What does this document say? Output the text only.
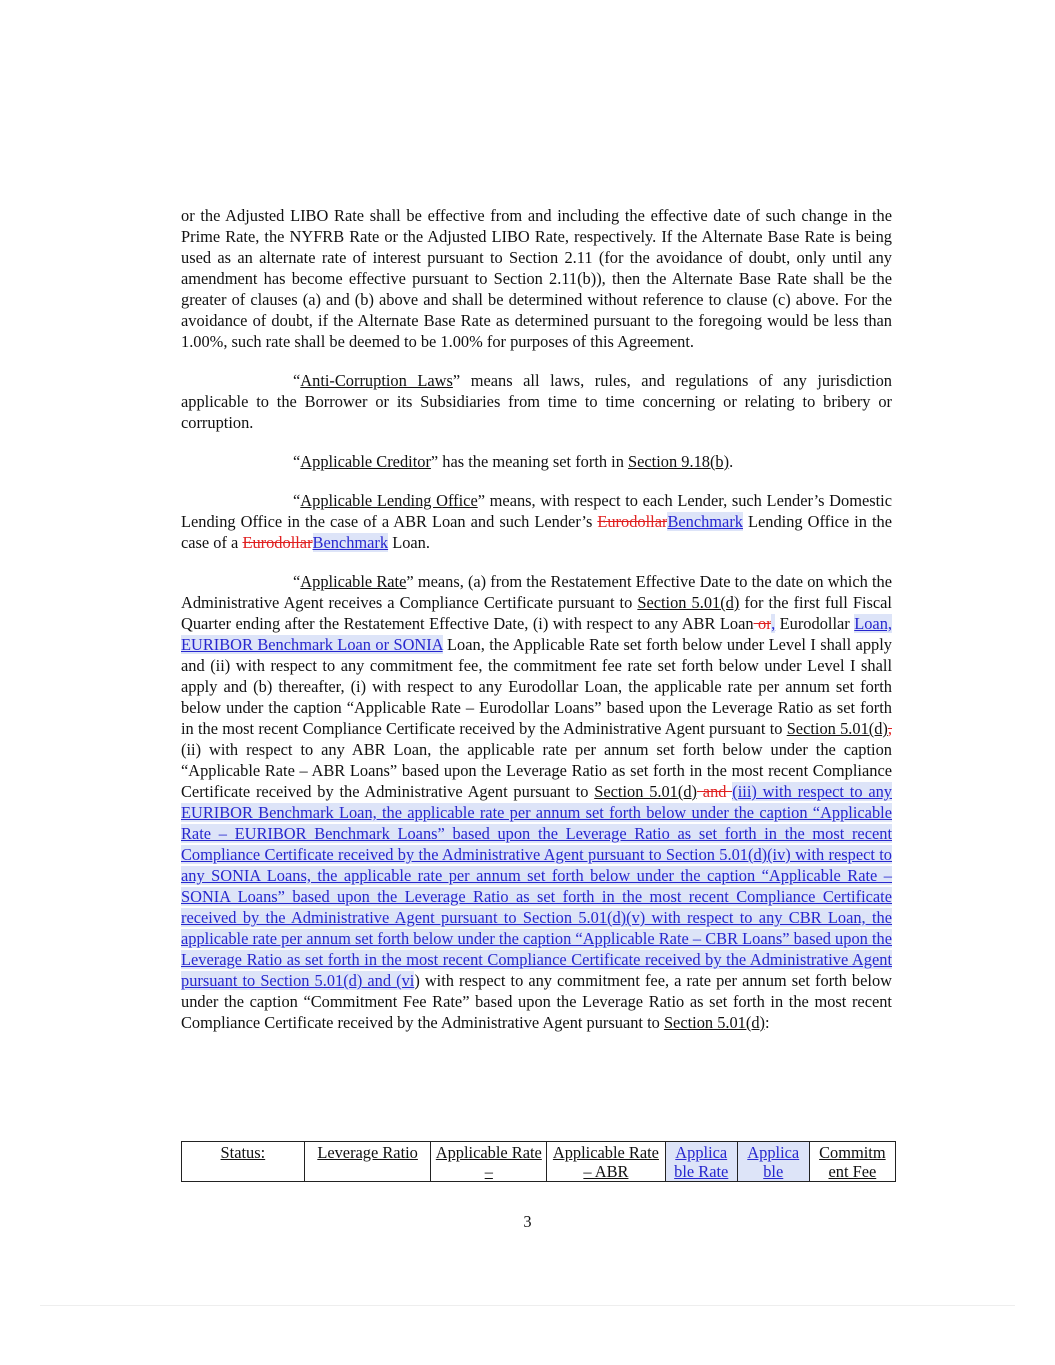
or the Adjusted LIBO Rate shall be effective from and including the effective date of such change in the Prime Rate, the NYFRB Rate or the Adjusted LIBO Rate, respectively. If the Alternate Base Rate is being used as an alternate rate of interest pursuant to Section 2.11 (for the avoidance of doubt, only until any amendment has become effective pursuant to Section 2.11(b)), then the Alternate Base Rate shall be the greater of clauses (a) and (b) above and shall be determined without reference to clause (c) above. For the avoidance of doubt, if the Alternate Base Rate as determined pursuant to the foregoing would be less than 1.00%, such rate shall be deemed to be 1.00% for purposes of this Agreement.

“Anti-Corruption Laws” means all laws, rules, and regulations of any jurisdiction applicable to the Borrower or its Subsidiaries from time to time concerning or relating to bribery or corruption.

“Applicable Creditor” has the meaning set forth in Section 9.18(b).

“Applicable Lending Office” means, with respect to each Lender, such Lender’s Domestic Lending Office in the case of a ABR Loan and such Lender’s EurodollarBenchmark Lending Office in the case of a EurodollarBenchmark Loan.

“Applicable Rate” means, (a) from the Restatement Effective Date to the date on which the Administrative Agent receives a Compliance Certificate pursuant to Section 5.01(d) for the first full Fiscal Quarter ending after the Restatement Effective Date, (i) with respect to any ABR Loan or, Eurodollar Loan, EURIBOR Benchmark Loan or SONIA Loan, the Applicable Rate set forth below under Level I shall apply and (ii) with respect to any commitment fee, the commitment fee rate set forth below under Level I shall apply and (b) thereafter, (i) with respect to any Eurodollar Loan, the applicable rate per annum set forth below under the caption “Applicable Rate – Eurodollar Loans” based upon the Leverage Ratio as set forth in the most recent Compliance Certificate received by the Administrative Agent pursuant to Section 5.01(d), (ii) with respect to any ABR Loan, the applicable rate per annum set forth below under the caption “Applicable Rate – ABR Loans” based upon the Leverage Ratio as set forth in the most recent Compliance Certificate received by the Administrative Agent pursuant to Section 5.01(d) and (iii) with respect to any EURIBOR Benchmark Loan, the applicable rate per annum set forth below under the caption “Applicable Rate – EURIBOR Benchmark Loans” based upon the Leverage Ratio as set forth in the most recent Compliance Certificate received by the Administrative Agent pursuant to Section 5.01(d)(iv) with respect to any SONIA Loans, the applicable rate per annum set forth below under the caption “Applicable Rate – SONIA Loans” based upon the Leverage Ratio as set forth in the most recent Compliance Certificate received by the Administrative Agent pursuant to Section 5.01(d)(v) with respect to any CBR Loan, the applicable rate per annum set forth below under the caption “Applicable Rate – CBR Loans” based upon the Leverage Ratio as set forth in the most recent Compliance Certificate received by the Administrative Agent pursuant to Section 5.01(d) and (vi) with respect to any commitment fee, a rate per annum set forth below under the caption “Commitment Fee Rate” based upon the Leverage Ratio as set forth in the most recent Compliance Certificate received by the Administrative Agent pursuant to Section 5.01(d):

Status:	Leverage Ratio	Applicable Rate –	Applicable Rate – ABR	Applica ble Rate	Applica ble	Commitm ent Fee
3
